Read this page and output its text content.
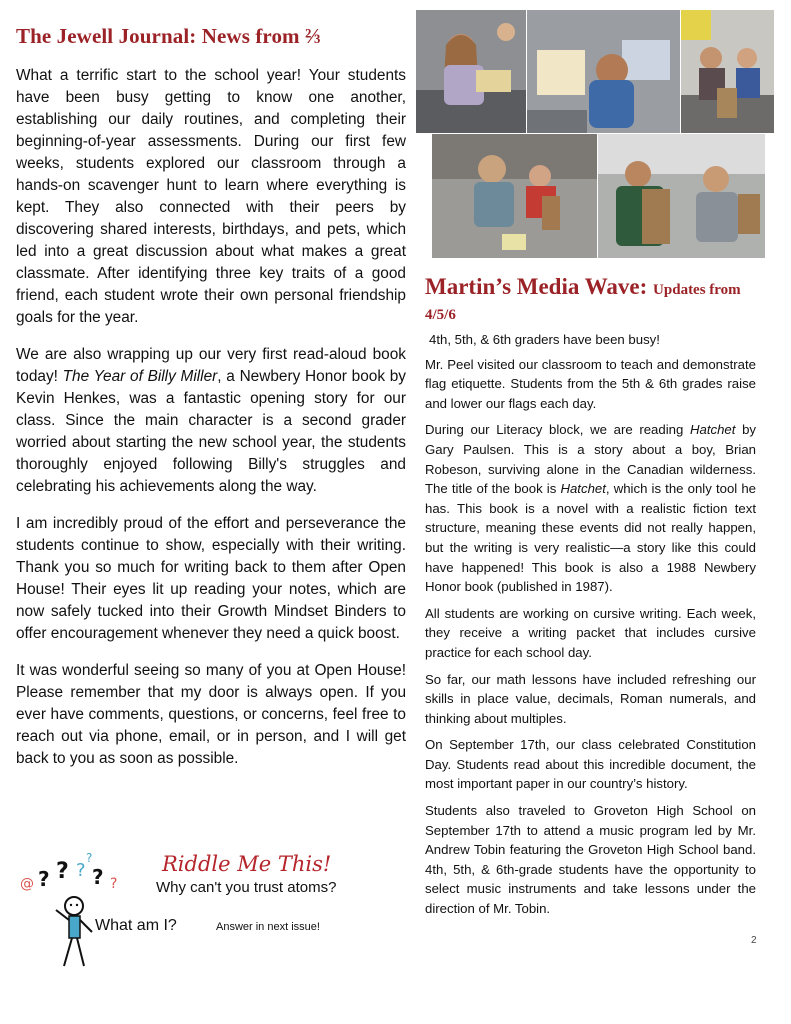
The Jewell Journal: News from ⅔

What a terrific start to the school year! Your students have been busy getting to know one another, establishing our daily routines, and completing their beginning-of-year assessments. During our first few weeks, students explored our classroom through a hands-on scavenger hunt to learn where everything is kept. They also connected with their peers by discovering shared interests, birthdays, and pets, which led into a great discussion about what makes a great classmate. After identifying three key traits of a good friend, each student wrote their own personal friendship goals for the year.

We are also wrapping up our very first read-aloud book today! The Year of Billy Miller, a Newbery Honor book by Kevin Henkes, was a fantastic opening story for our class. Since the main character is a second grader worried about starting the new school year, the students thoroughly enjoyed following Billy's struggles and celebrating his achievements along the way.

I am incredibly proud of the effort and perseverance the students continue to show, especially with their writing. Thank you so much for writing back to them after Open House! Their eyes lit up reading your notes, which are now safely tucked into their Growth Mindset Binders to offer encouragement whenever they need a quick boost.

It was wonderful seeing so many of you at Open House! Please remember that my door is always open. If you ever have comments, questions, or concerns, feel free to reach out via phone, email, or in person, and I will get back to you as soon as possible.

Martin’s Media Wave: Updates from 4/5/6

4th, 5th, & 6th graders have been busy!

Mr. Peel visited our classroom to teach and demonstrate flag etiquette. Students from the 5th & 6th grades raise and lower our flags each day.

During our Literacy block, we are reading Hatchet by Gary Paulsen. This is a story about a boy, Brian Robeson, surviving alone in the Canadian wilderness. The title of the book is Hatchet, which is the only tool he has. This book is a novel with a realistic fiction text structure, meaning these events did not really happen, but the writing is very realistic—a story like this could have happened! This book is also a 1988 Newbery Honor book (published in 1987).

All students are working on cursive writing. Each week, they receive a writing packet that includes cursive practice for each school day.

So far, our math lessons have included refreshing our skills in place value, decimals, Roman numerals, and thinking about multiples.

On September 17th, our class celebrated Constitution Day. Students read about this incredible document, the most important paper in our country’s history.

Students also traveled to Groveton High School on September 17th to attend a music program led by Mr. Andrew Tobin featuring the Groveton High School band. 4th, 5th, & 6th-grade students have the opportunity to select music instruments and take lessons under the direction of Mr. Tobin.

2
@ ? ? ? ? ?
?	Riddle Me This!
Why can't you trust atoms?
What am I?	Answer in next issue!
